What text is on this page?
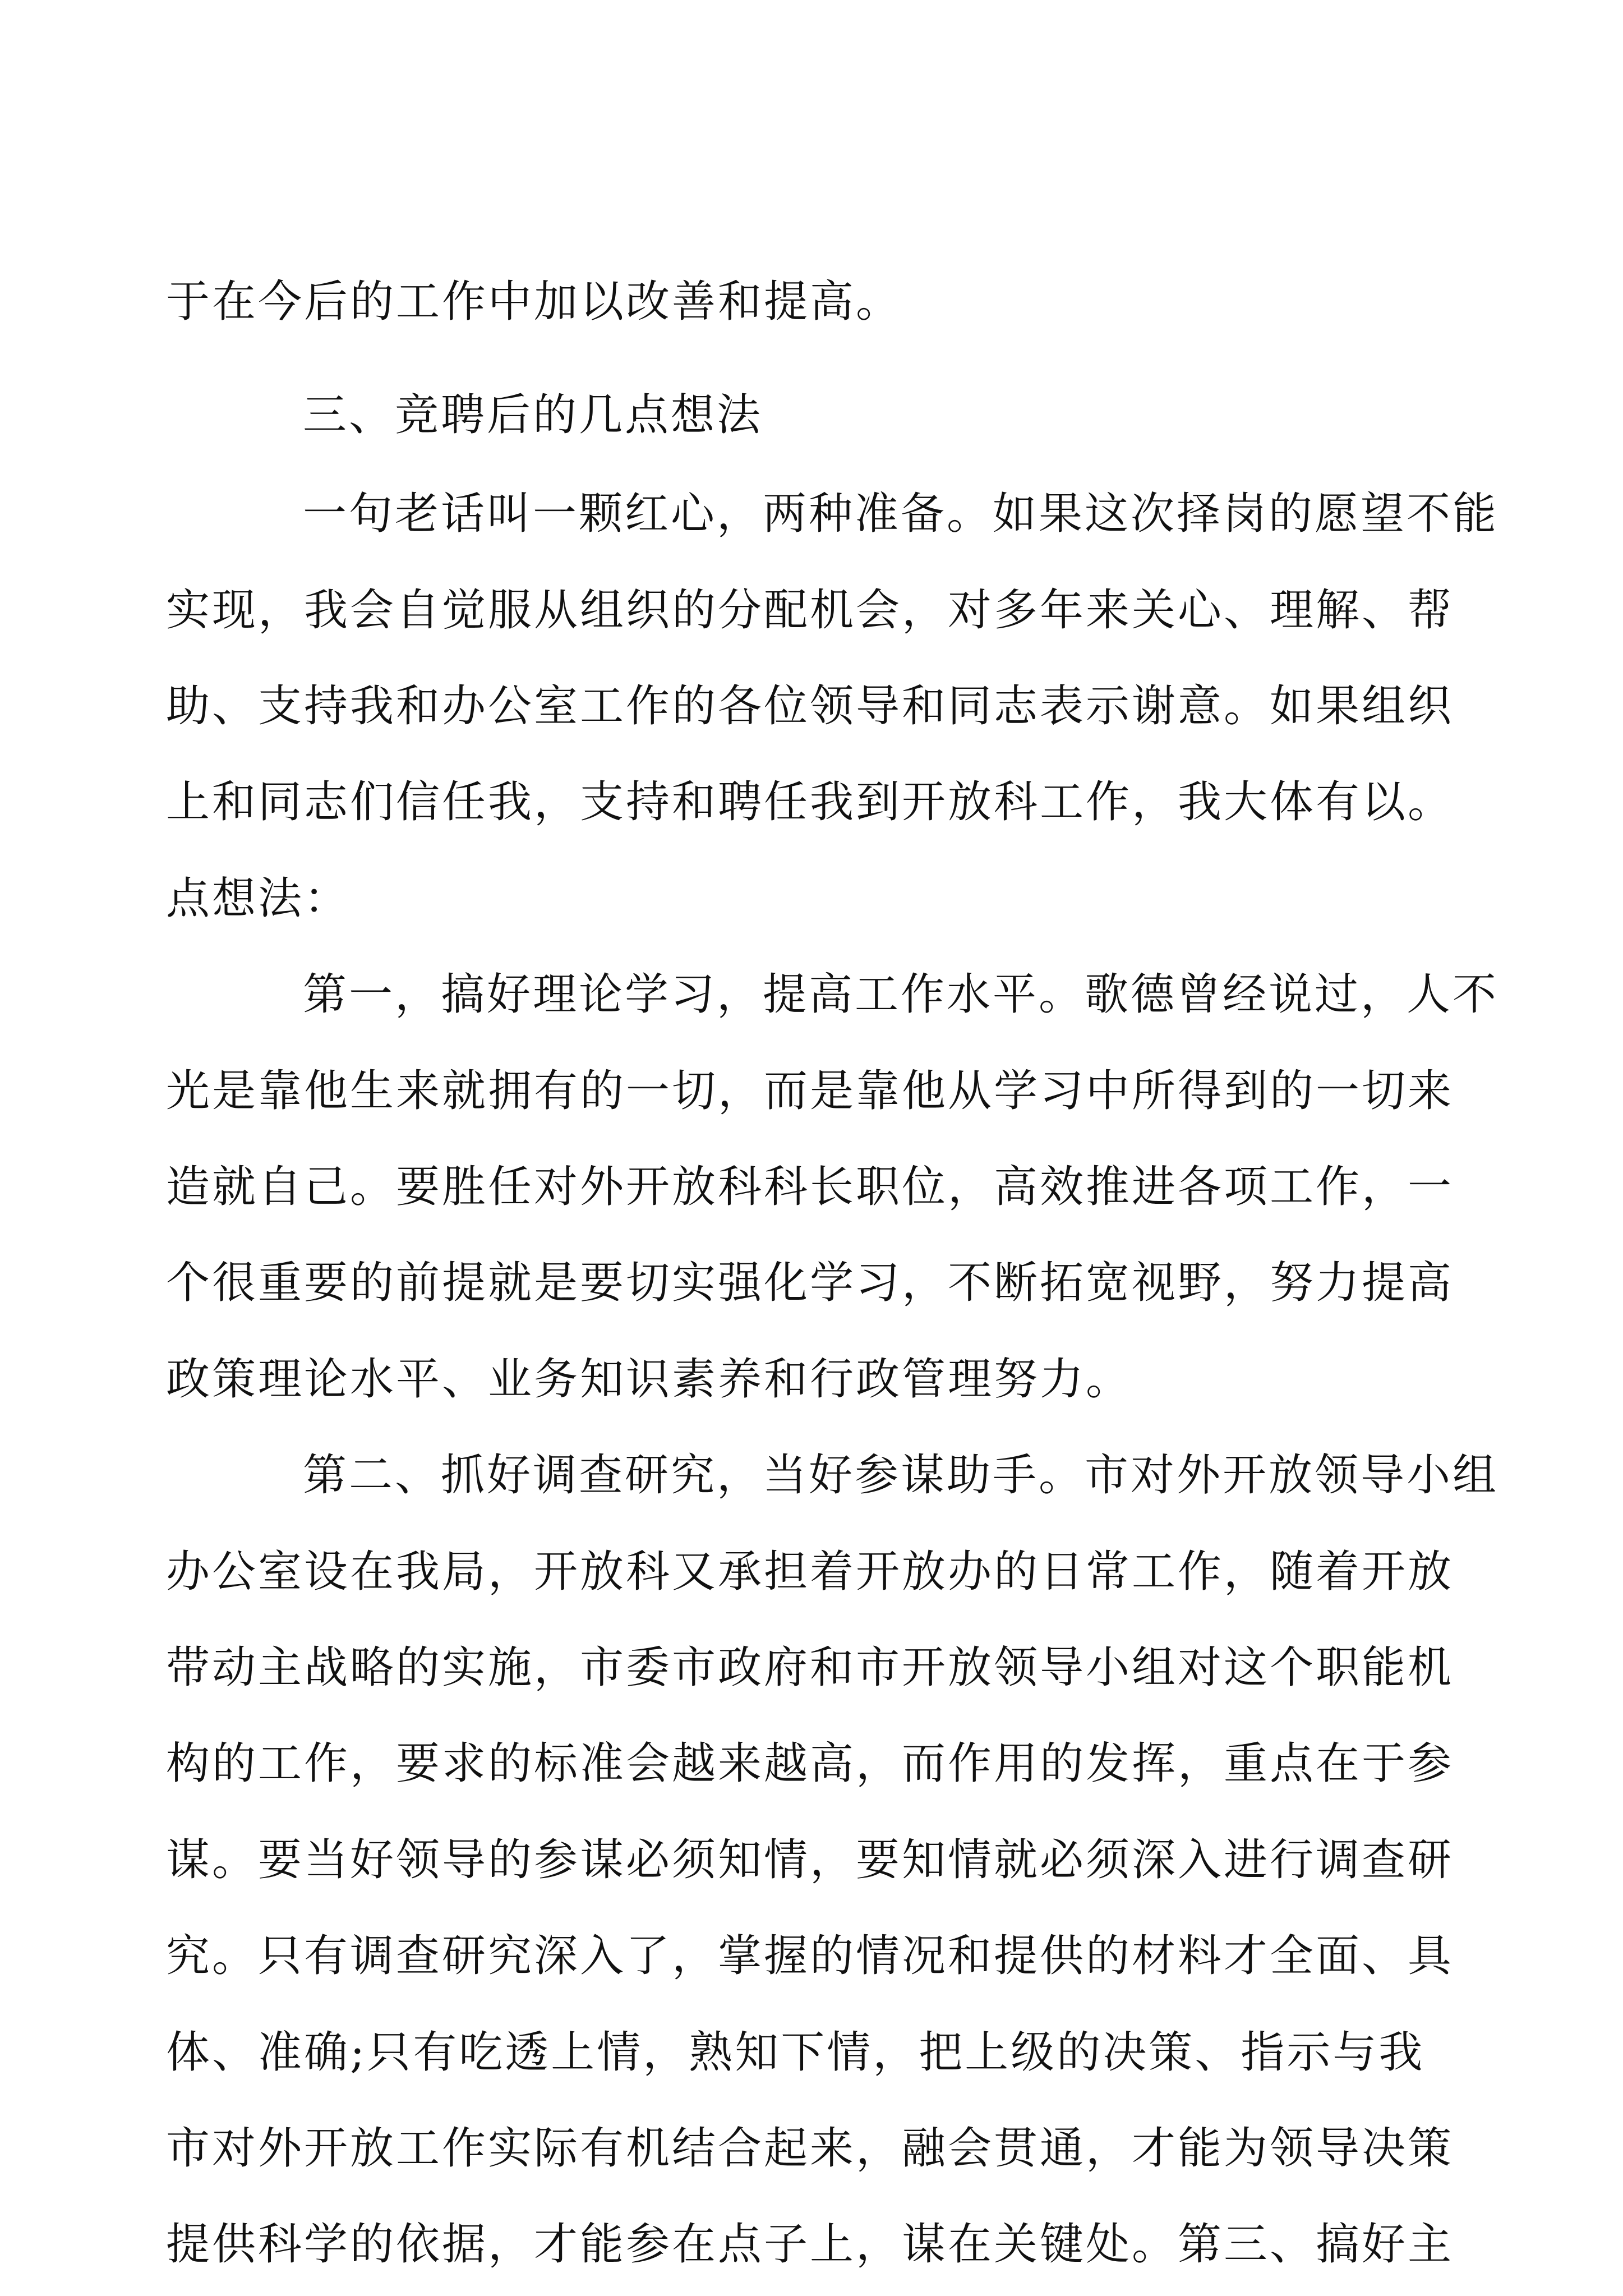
于在今后的工作中加以改善和提高。
三、竞聘后的几点想法
一句老话叫一颗红心，两种准备。如果这次择岗的愿望不能
实现，我会自觉服从组织的分配机会，对多年来关心、理解、帮
助、支持我和办公室工作的各位领导和同志表示谢意。如果组织
上和同志们信任我，支持和聘任我到开放科工作，我大体有以。
点想法：
第一，搞好理论学习，提高工作水平。歌德曾经说过，人不
光是靠他生来就拥有的一切，而是靠他从学习中所得到的一切来
造就自己。要胜任对外开放科科长职位，高效推进各项工作，一
个很重要的前提就是要切实强化学习，不断拓宽视野，努力提高
政策理论水平、业务知识素养和行政管理努力。
第二、抓好调查研究，当好参谋助手。市对外开放领导小组
办公室设在我局，开放科又承担着开放办的日常工作，随着开放
带动主战略的实施，市委市政府和市开放领导小组对这个职能机
构的工作，要求的标准会越来越高，而作用的发挥，重点在于参
谋。要当好领导的参谋必须知情，要知情就必须深入进行调查研
究。只有调查研究深入了，掌握的情况和提供的材料才全面、具
体、准确;只有吃透上情，熟知下情，把上级的决策、指示与我
市对外开放工作实际有机结合起来，融会贯通，才能为领导决策
提供科学的依据，才能参在点子上，谋在关键处。第三、搞好主
